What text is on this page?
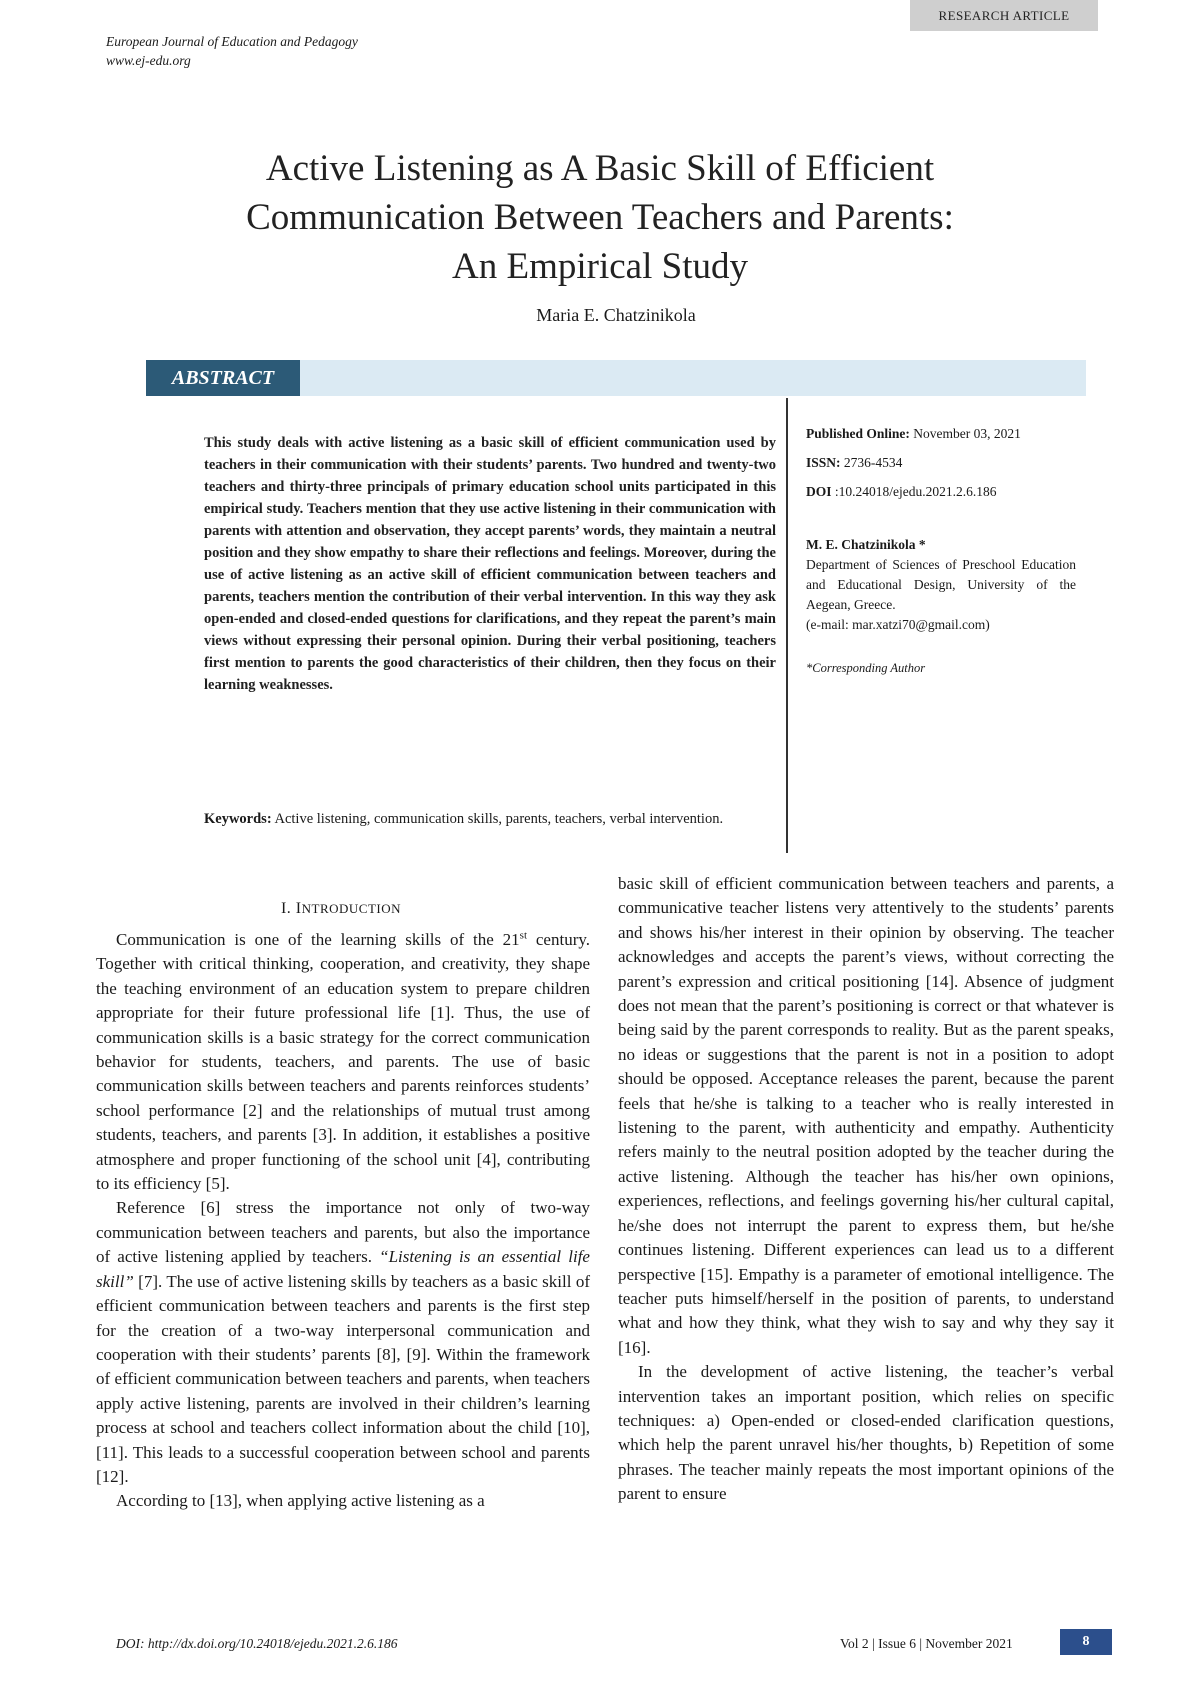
RESEARCH ARTICLE
European Journal of Education and Pedagogy
www.ej-edu.org
Active Listening as A Basic Skill of Efficient
Communication Between Teachers and Parents:
An Empirical Study
Maria E. Chatzinikola
ABSTRACT
This study deals with active listening as a basic skill of efficient communication used by teachers in their communication with their students’ parents. Two hundred and twenty-two teachers and thirty-three principals of primary education school units participated in this empirical study. Teachers mention that they use active listening in their communication with parents with attention and observation, they accept parents’ words, they maintain a neutral position and they show empathy to share their reflections and feelings. Moreover, during the use of active listening as an active skill of efficient communication between teachers and parents, teachers mention the contribution of their verbal intervention. In this way they ask open-ended and closed-ended questions for clarifications, and they repeat the parent’s main views without expressing their personal opinion. During their verbal positioning, teachers first mention to parents the good characteristics of their children, then they focus on their learning weaknesses.
Keywords: Active listening, communication skills, parents, teachers, verbal intervention.
Published Online: November 03, 2021
ISSN: 2736-4534
DOI :10.24018/ejedu.2021.2.6.186
M. E. Chatzinikola *
Department of Sciences of Preschool Education and Educational Design, University of the Aegean, Greece.
(e-mail: mar.xatzi70@gmail.com)
*Corresponding Author
I. INTRODUCTION

Communication is one of the learning skills of the 21st century. Together with critical thinking, cooperation, and creativity, they shape the teaching environment of an education system to prepare children appropriate for their future professional life [1]. Thus, the use of communication skills is a basic strategy for the correct communication behavior for students, teachers, and parents. The use of basic communication skills between teachers and parents reinforces students’ school performance [2] and the relationships of mutual trust among students, teachers, and parents [3]. In addition, it establishes a positive atmosphere and proper functioning of the school unit [4], contributing to its efficiency [5].

Reference [6] stress the importance not only of two-way communication between teachers and parents, but also the importance of active listening applied by teachers. “Listening is an essential life skill” [7]. The use of active listening skills by teachers as a basic skill of efficient communication between teachers and parents is the first step for the creation of a two-way interpersonal communication and cooperation with their students’ parents [8], [9]. Within the framework of efficient communication between teachers and parents, when teachers apply active listening, parents are involved in their children’s learning process at school and teachers collect information about the child [10], [11]. This leads to a successful cooperation between school and parents [12].

According to [13], when applying active listening as a

basic skill of efficient communication between teachers and parents, a communicative teacher listens very attentively to the students’ parents and shows his/her interest in their opinion by observing. The teacher acknowledges and accepts the parent’s views, without correcting the parent’s expression and critical positioning [14]. Absence of judgment does not mean that the parent’s positioning is correct or that whatever is being said by the parent corresponds to reality. But as the parent speaks, no ideas or suggestions that the parent is not in a position to adopt should be opposed. Acceptance releases the parent, because the parent feels that he/she is talking to a teacher who is really interested in listening to the parent, with authenticity and empathy. Authenticity refers mainly to the neutral position adopted by the teacher during the active listening. Although the teacher has his/her own opinions, experiences, reflections, and feelings governing his/her cultural capital, he/she does not interrupt the parent to express them, but he/she continues listening. Different experiences can lead us to a different perspective [15]. Empathy is a parameter of emotional intelligence. The teacher puts himself/herself in the position of parents, to understand what and how they think, what they wish to say and why they say it [16].

In the development of active listening, the teacher’s verbal intervention takes an important position, which relies on specific techniques: a) Open-ended or closed-ended clarification questions, which help the parent unravel his/her thoughts, b) Repetition of some phrases. The teacher mainly repeats the most important opinions of the parent to ensure

DOI: http://dx.doi.org/10.24018/ejedu.2021.2.6.186	Vol 2 | Issue 6 | November 2021	8
